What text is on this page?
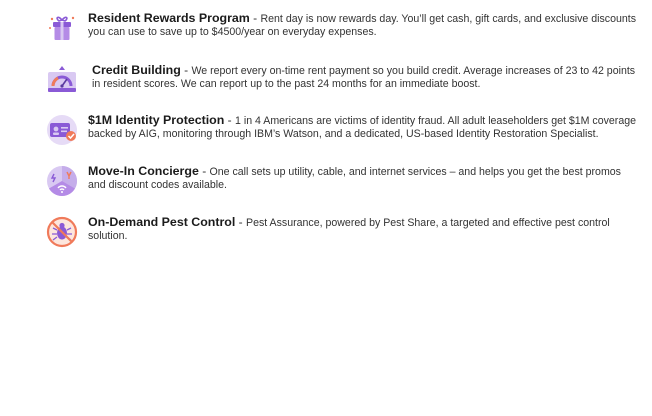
Resident Rewards Program - Rent day is now rewards day. You’ll get cash, gift cards, and exclusive discounts you can use to save up to $4500/year on everyday expenses.
Credit Building - We report every on-time rent payment so you build credit. Average increases of 23 to 42 points in resident scores. We can report up to the past 24 months for an immediate boost.
$1M Identity Protection - 1 in 4 Americans are victims of identity fraud. All adult leaseholders get $1M coverage backed by AIG, monitoring through IBM’s Watson, and a dedicated, US-based Identity Restoration Specialist.
Move-In Concierge - One call sets up utility, cable, and internet services – and helps you get the best promos and discount codes available.
On-Demand Pest Control - Pest Assurance, powered by Pest Share, a targeted and effective pest control solution.
